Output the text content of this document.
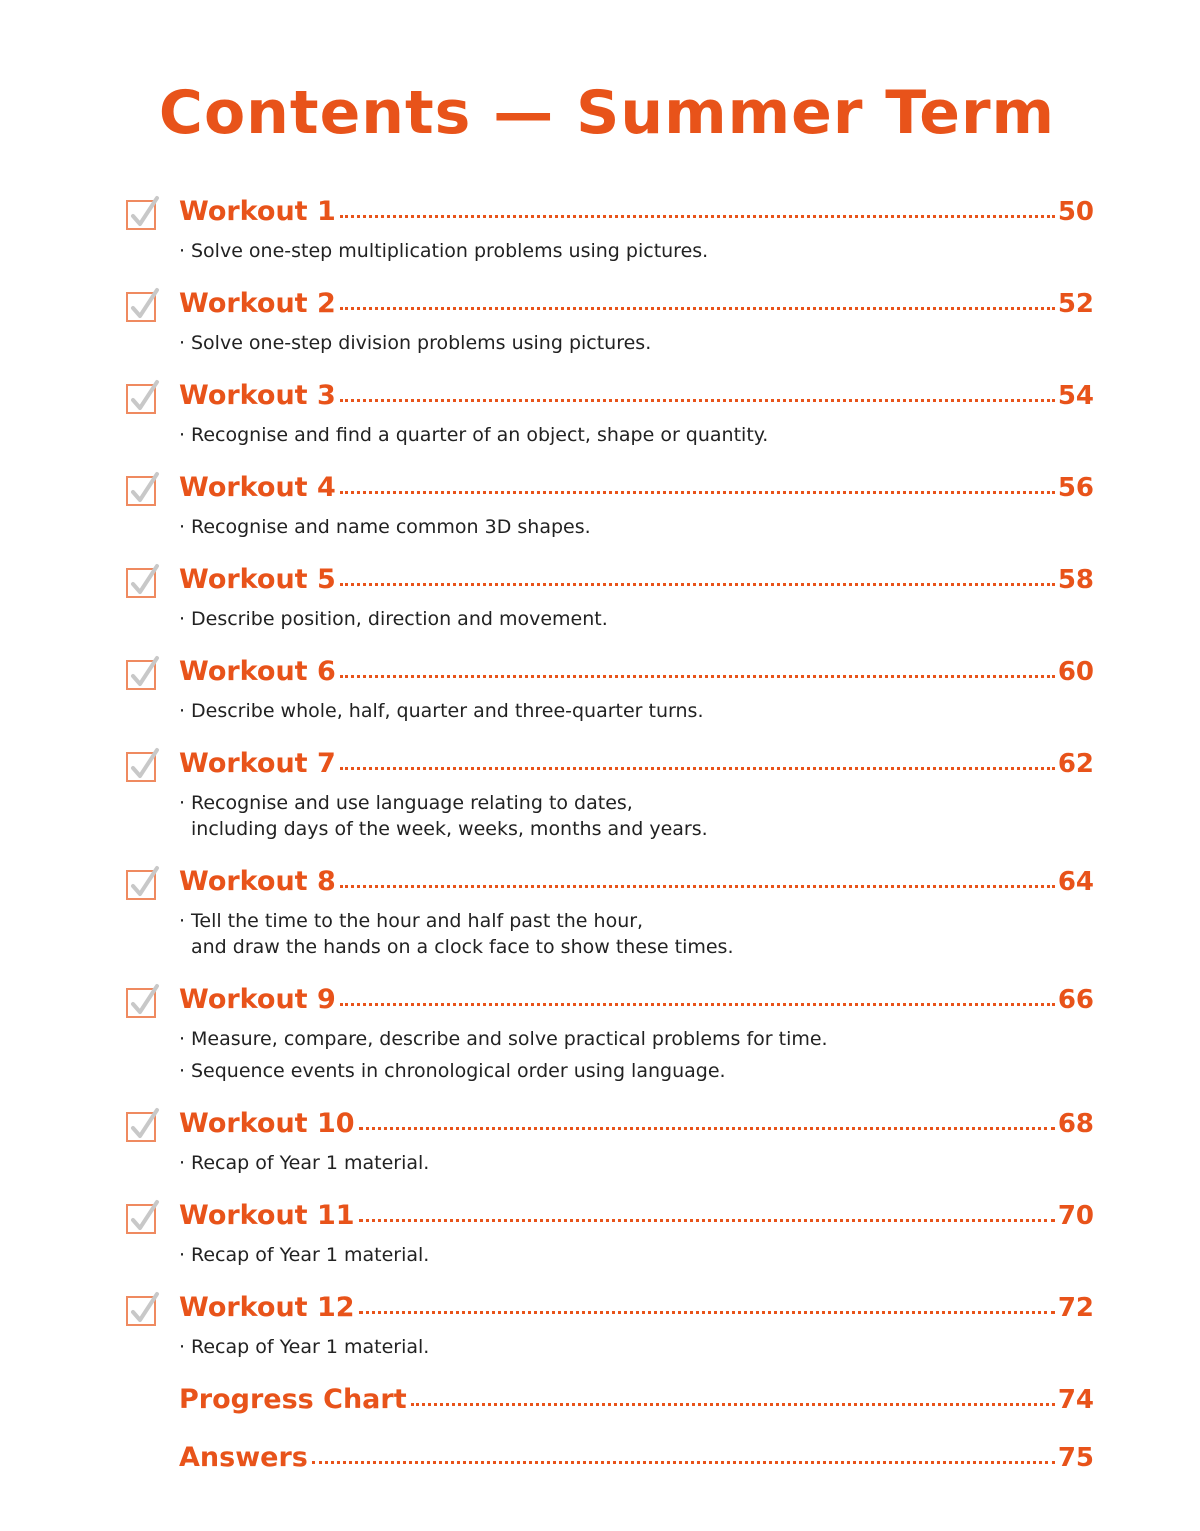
Contents — Summer Term
Workout 1	50
· Solve one-step multiplication problems using pictures.
Workout 2	52
· Solve one-step division problems using pictures.
Workout 3	54
· Recognise and find a quarter of an object, shape or quantity.
Workout 4	56
· Recognise and name common 3D shapes.
Workout 5	58
· Describe position, direction and movement.
Workout 6	60
· Describe whole, half, quarter and three-quarter turns.
Workout 7	62
· Recognise and use language relating to dates,
including days of the week, weeks, months and years.
Workout 8	64
· Tell the time to the hour and half past the hour,
and draw the hands on a clock face to show these times.
Workout 9	66
· Measure, compare, describe and solve practical problems for time.
· Sequence events in chronological order using language.
Workout 10	68
· Recap of Year 1 material.
Workout 11	70
· Recap of Year 1 material.
Workout 12	72
· Recap of Year 1 material.
Progress Chart	74
Answers	75
